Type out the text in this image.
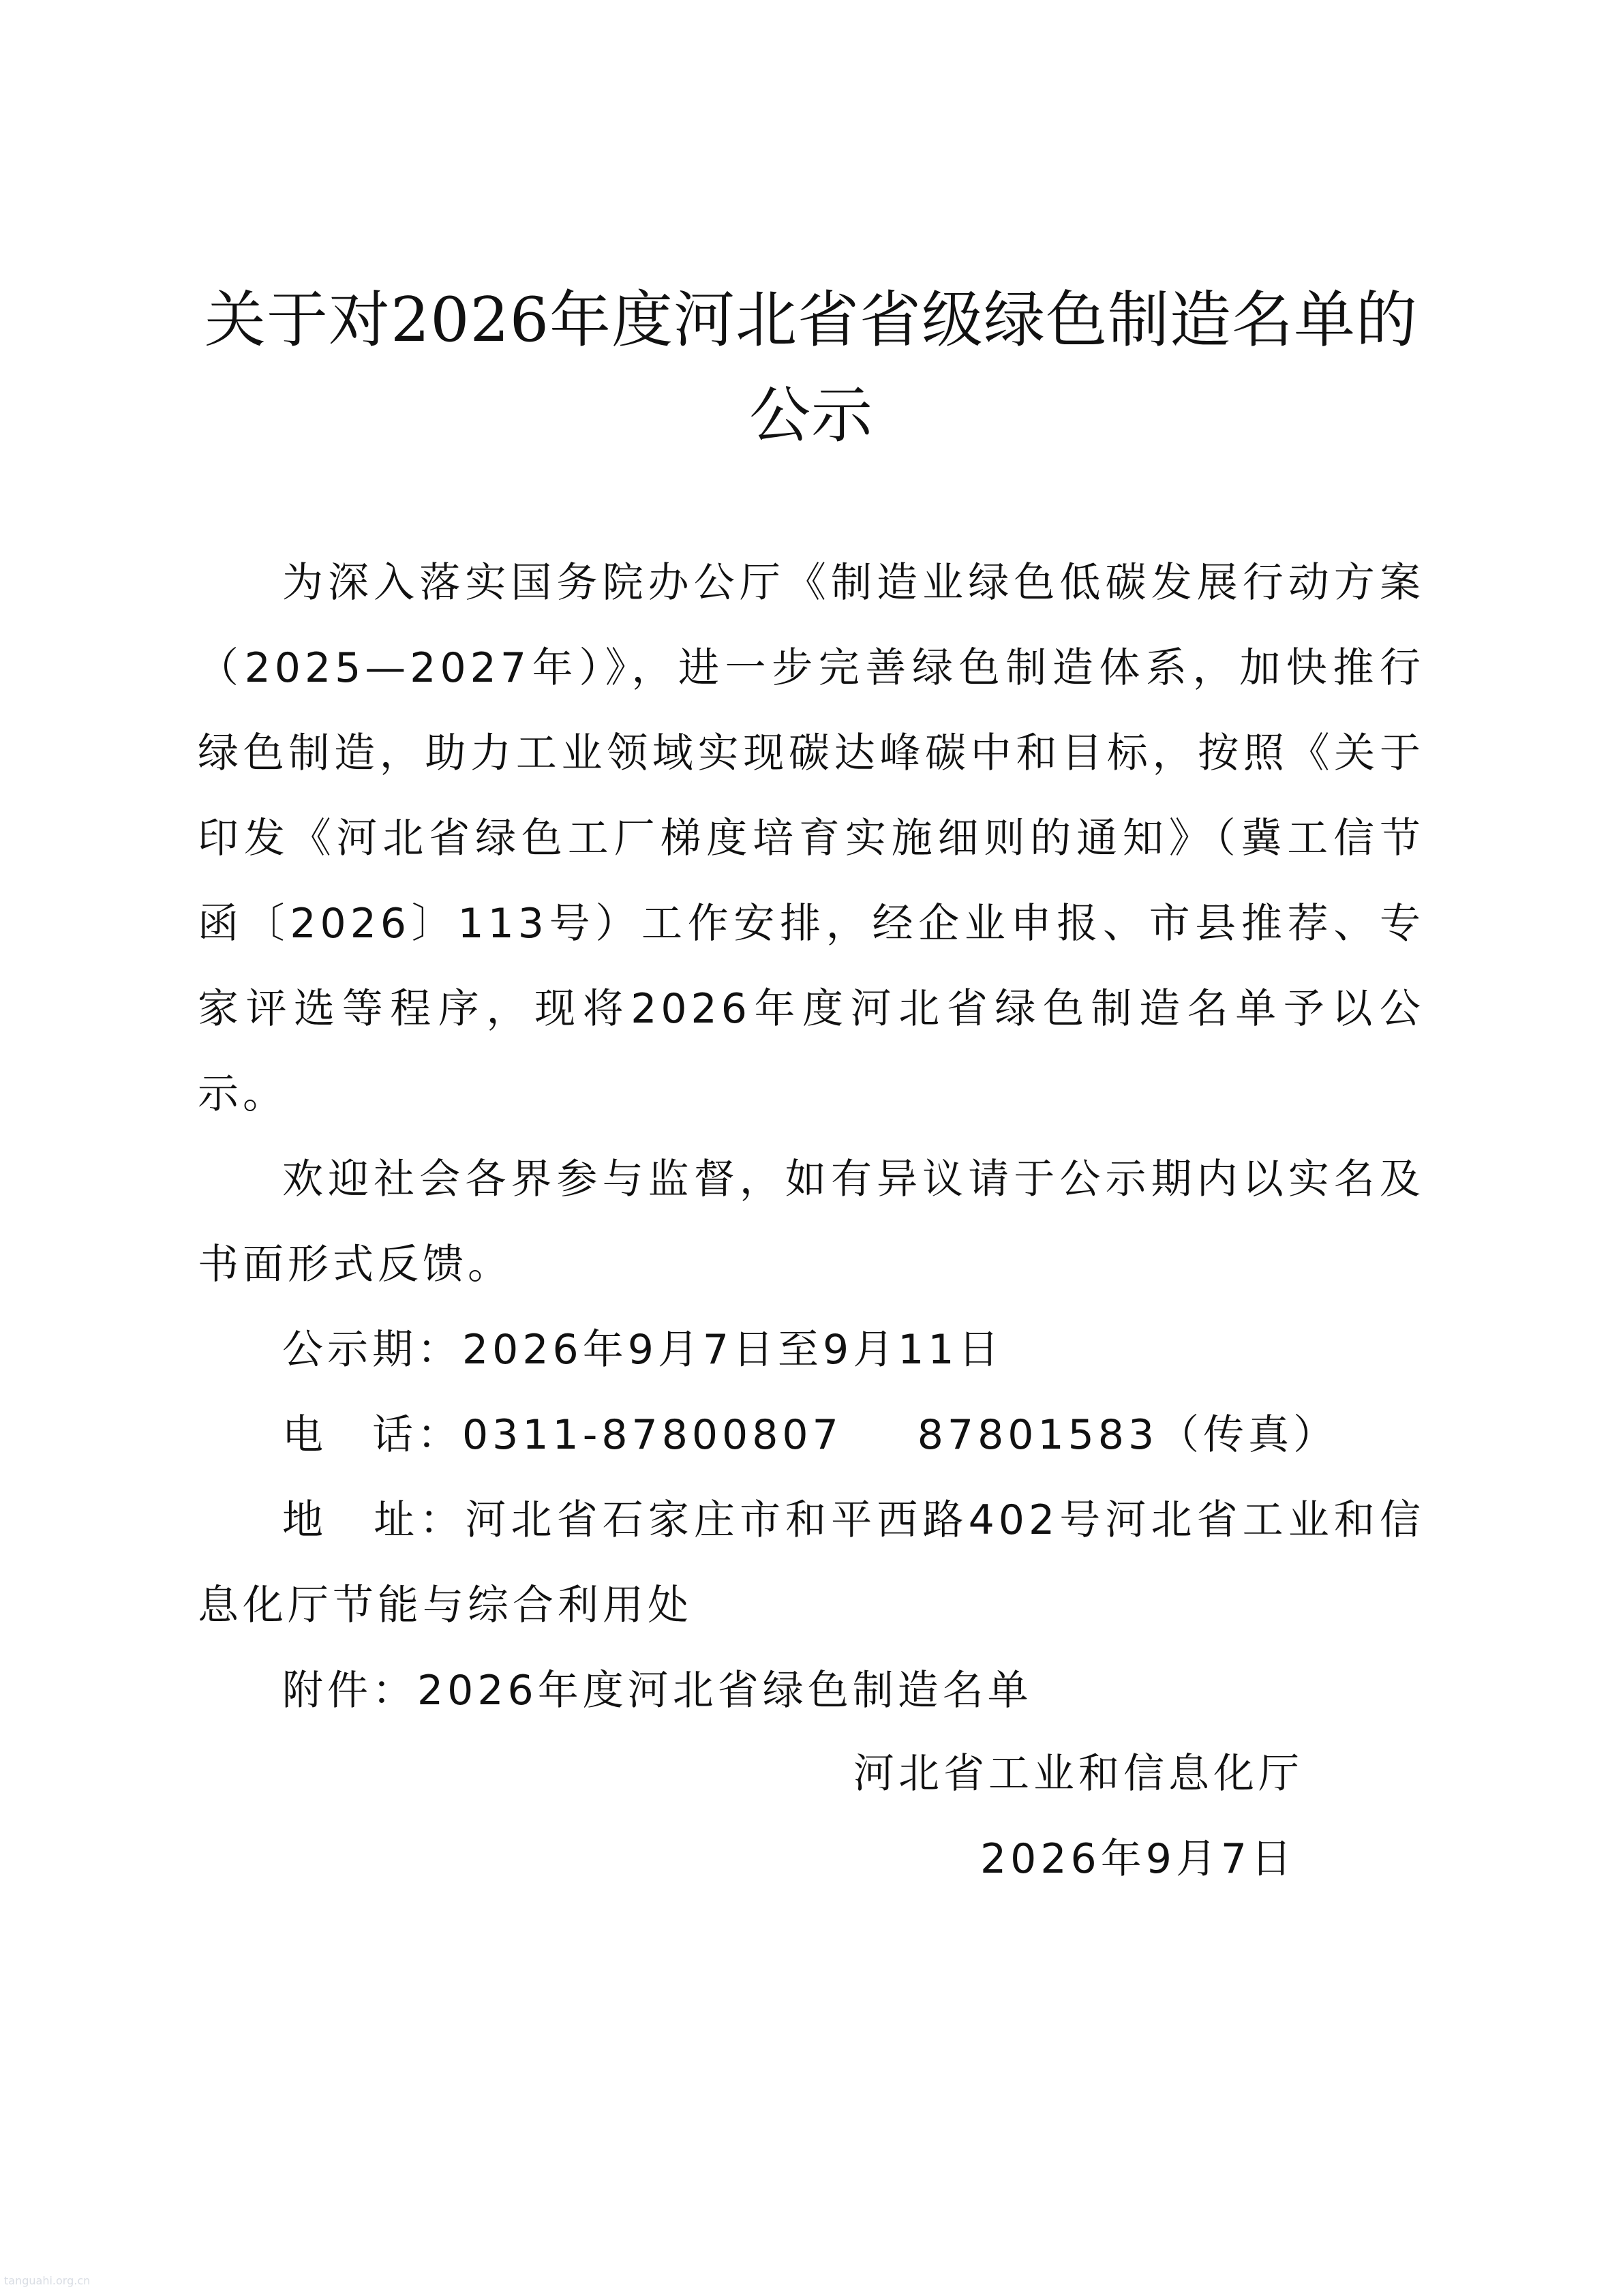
关于对2026年度河北省省级绿色制造名单的
公示

为深入落实国务院办公厅《制造业绿色低碳发展行动方案（2025—2027年）》，进一步完善绿色制造体系，加快推行绿色制造，助力工业领域实现碳达峰碳中和目标，按照《关于印发《河北省绿色工厂梯度培育实施细则的通知》（冀工信节函〔2026〕113号）工作安排，经企业申报、市县推荐、专家评选等程序，现将2026年度河北省绿色制造名单予以公示。

欢迎社会各界参与监督，如有异议请于公示期内以实名及书面形式反馈。

公示期：2026年9月7日至9月11日

电　话：0311-87800807 87801583（传真）

地　址：河北省石家庄市和平西路402号河北省工业和信息化厅节能与综合利用处

附件：2026年度河北省绿色制造名单

河北省工业和信息化厅
2026年9月7日
tanguahi.org.cn
